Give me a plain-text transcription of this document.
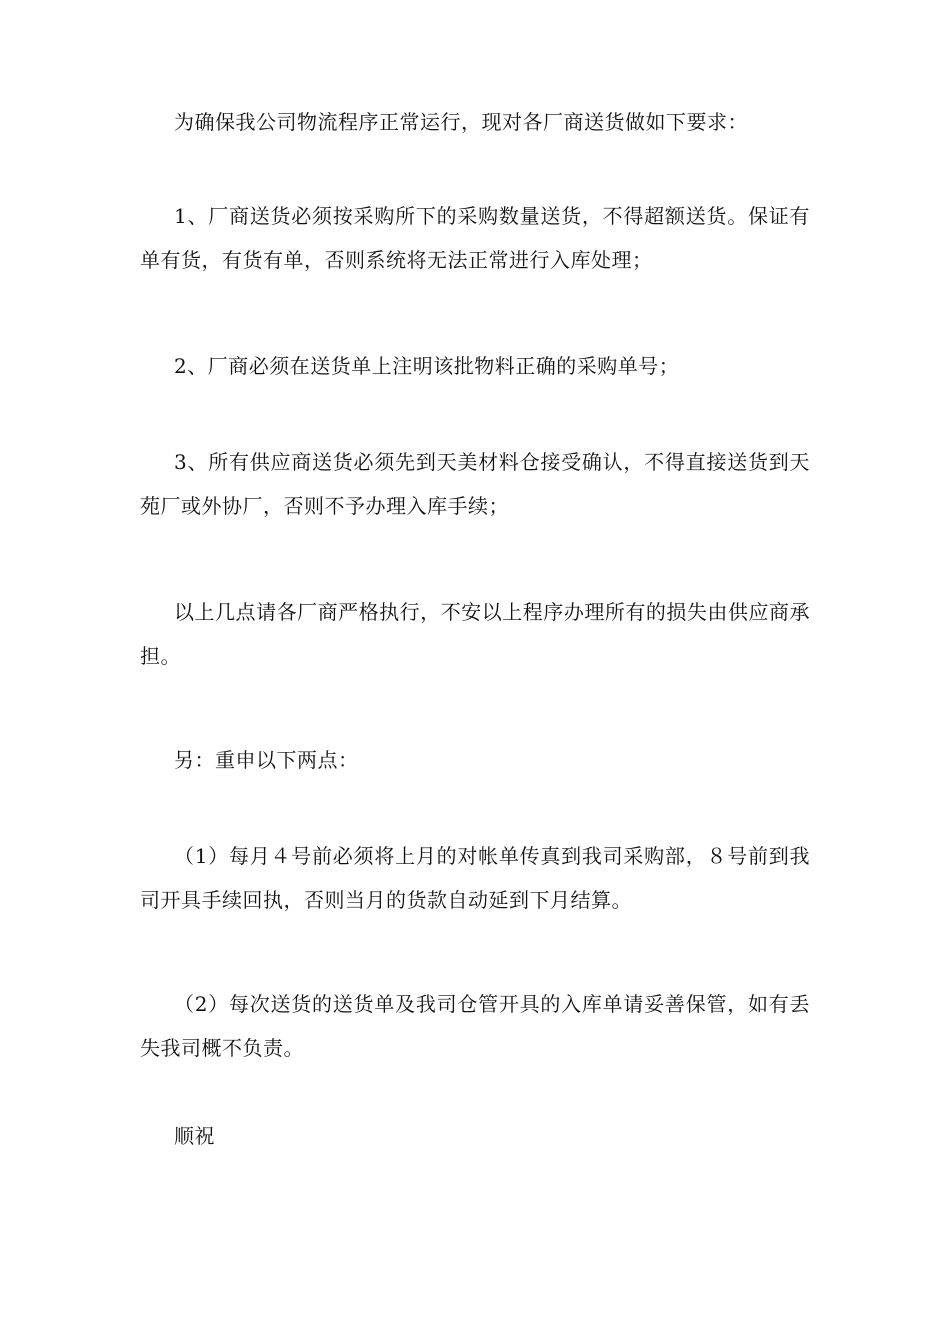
为确保我公司物流程序正常运行，现对各厂商送货做如下要求：

1、厂商送货必须按采购所下的采购数量送货，不得超额送货。保证有单有货，有货有单，否则系统将无法正常进行入库处理；

2、厂商必须在送货单上注明该批物料正确的采购单号；

3、所有供应商送货必须先到天美材料仓接受确认，不得直接送货到天苑厂或外协厂，否则不予办理入库手续；

以上几点请各厂商严格执行，不安以上程序办理所有的损失由供应商承担。

另：重申以下两点：

（1）每月４号前必须将上月的对帐单传真到我司采购部，８号前到我司开具手续回执，否则当月的货款自动延到下月结算。

（2）每次送货的送货单及我司仓管开具的入库单请妥善保管，如有丢失我司概不负责。

顺祝
